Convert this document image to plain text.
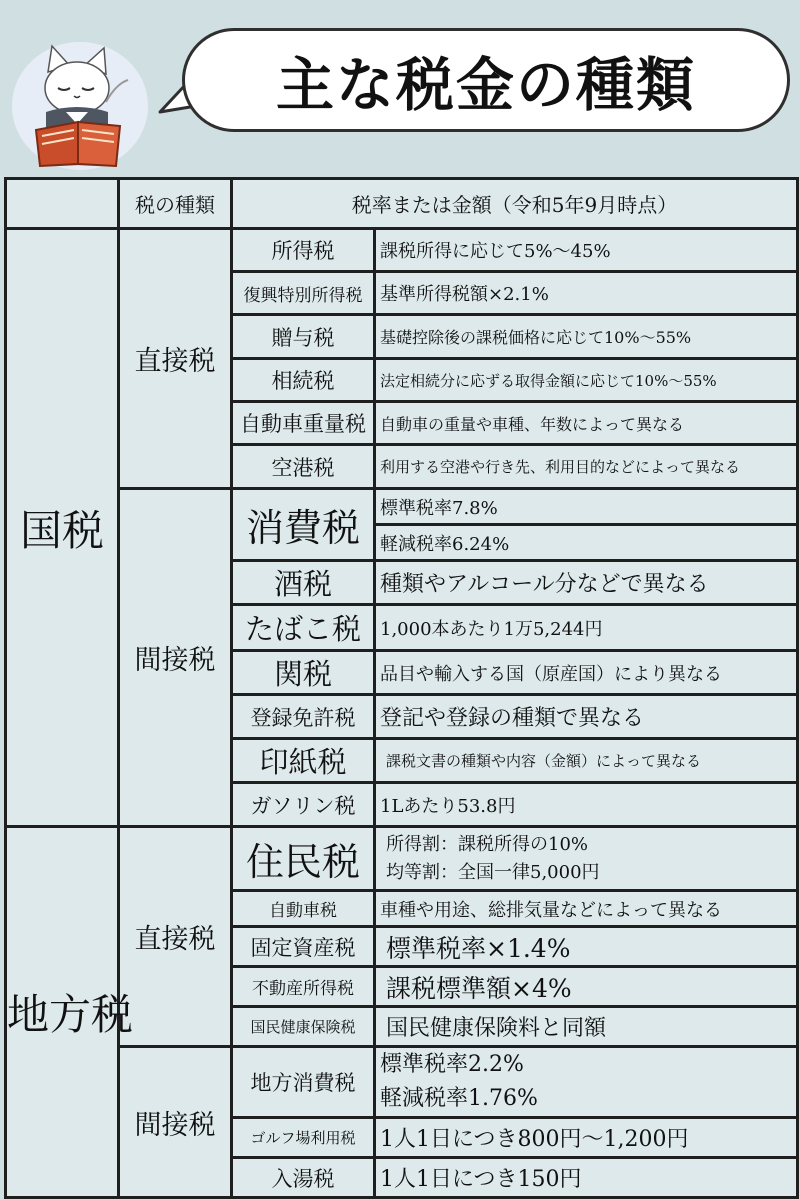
主な税金の種類
	税の種類	税率または金額（令和5年9月時点）	
国税	直接税	所得税	課税所得に応じて5%～45%
		復興特別所得税	基準所得税額×2.1%
		贈与税	基礎控除後の課税価格に応じて10%～55%
		相続税	法定相続分に応ずる取得金額に応じて10%～55%
		自動車重量税	自動車の重量や車種、年数によって異なる
		空港税	利用する空港や行き先、利用目的などによって異なる
	間接税	消費税	標準税率7.8%
			軽減税率6.24%
		酒税	種類やアルコール分などで異なる
		たばこ税	1,000本あたり1万5,244円
		関税	品目や輸入する国（原産国）により異なる
		登録免許税	登記や登録の種類で異なる
		印紙税	課税文書の種類や内容（金額）によって異なる
		ガソリン税	1Lあたり53.8円

地方税	直接税	住民税	所得割：課税所得の10%
均等割：全国一律5,000円

		自動車税	車種や用途、総排気量などによって異なる
		固定資産税	標準税率×1.4%
		不動産所得税	課税標準額×4%
		国民健康保険税	国民健康保険料と同額
	間接税	地方消費税	標準税率2.2%
軽減税率1.76%

		ゴルフ場利用税	1人1日につき800円～1,200円
		入湯税	1人1日につき150円
